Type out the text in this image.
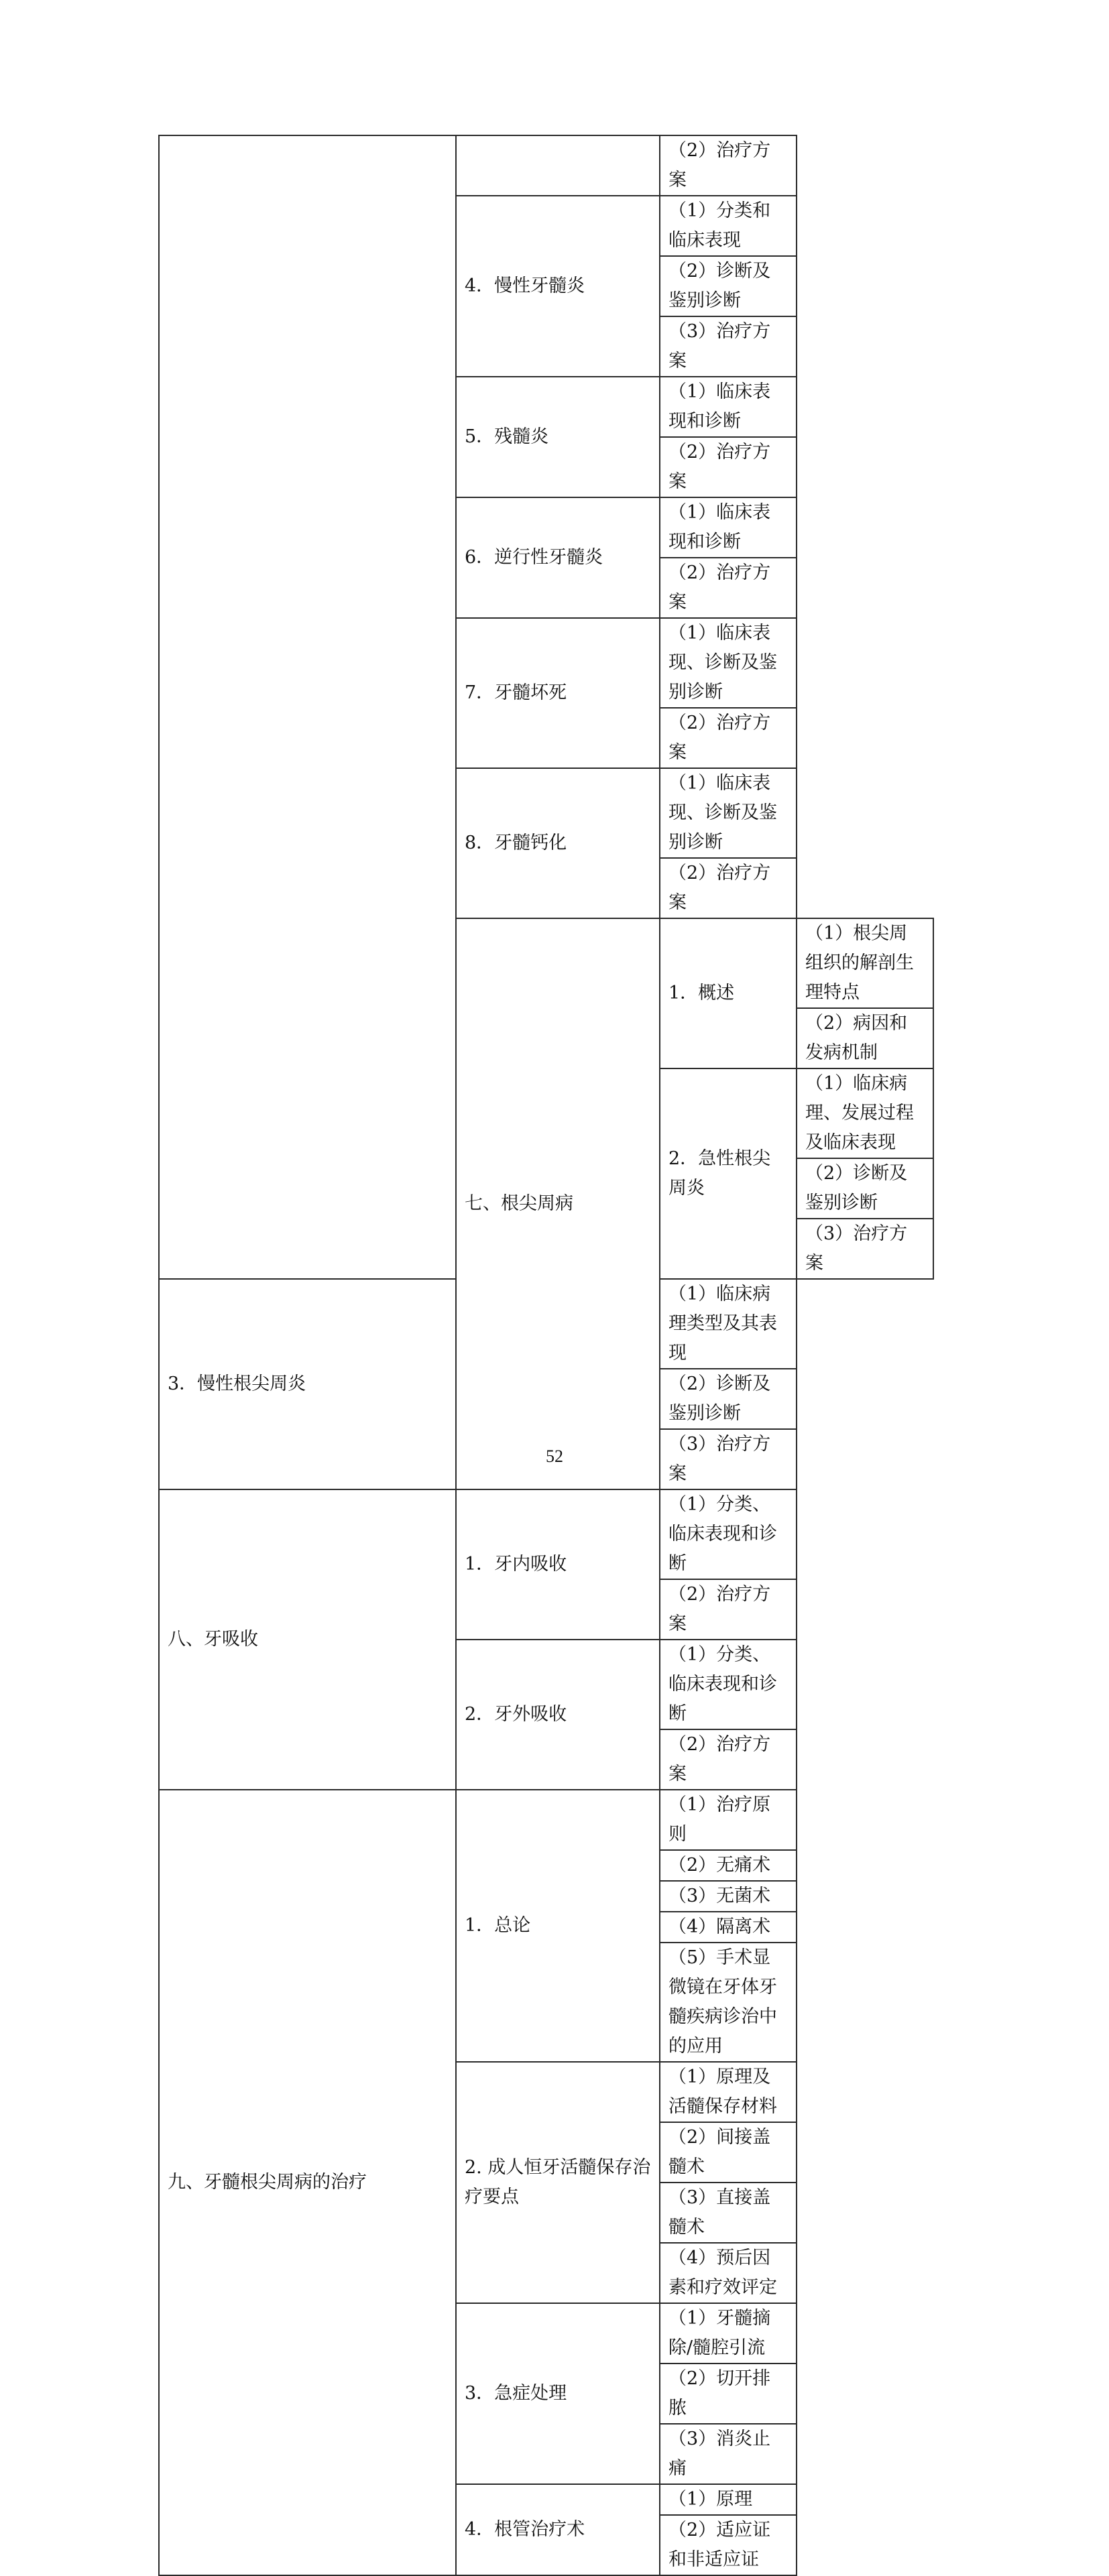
		（2）治疗方案	
	4．慢性牙髓炎	（1）分类和临床表现	
		（2）诊断及鉴别诊断	
		（3）治疗方案	
	5．残髓炎	（1）临床表现和诊断	
		（2）治疗方案	
	6．逆行性牙髓炎	（1）临床表现和诊断	
		（2）治疗方案	
	7．牙髓坏死	（1）临床表现、诊断及鉴别诊断	
		（2）治疗方案	
	8．牙髓钙化	（1）临床表现、诊断及鉴别诊断	
		（2）治疗方案	
	七、根尖周病	1．概述	（1）根尖周组织的解剖生理特点
			（2）病因和发病机制
		2．急性根尖周炎	（1）临床病理、发展过程及临床表现
			（2）诊断及鉴别诊断
			（3）治疗方案
3．慢性根尖周炎		（1）临床病理类型及其表现	
		（2）诊断及鉴别诊断	
		（3）治疗方案	
八、牙吸收	1．牙内吸收	（1）分类、临床表现和诊断	
		（2）治疗方案	
	2．牙外吸收	（1）分类、临床表现和诊断	
		（2）治疗方案	
九、牙髓根尖周病的治疗	1．总论	（1）治疗原则	
		（2）无痛术	
		（3）无菌术	
		（4）隔离术	
		（5）手术显微镜在牙体牙髓疾病诊治中的应用	
	2. 成人恒牙活髓保存治疗要点	（1）原理及活髓保存材料	
		（2）间接盖髓术	
		（3）直接盖髓术	
		（4）预后因素和疗效评定	
	3．急症处理	（1）牙髓摘除/髓腔引流	
		（2）切开排脓	
		（3）消炎止痛	
	4．根管治疗术	（1）原理	
		（2）适应证和非适应证	
52
